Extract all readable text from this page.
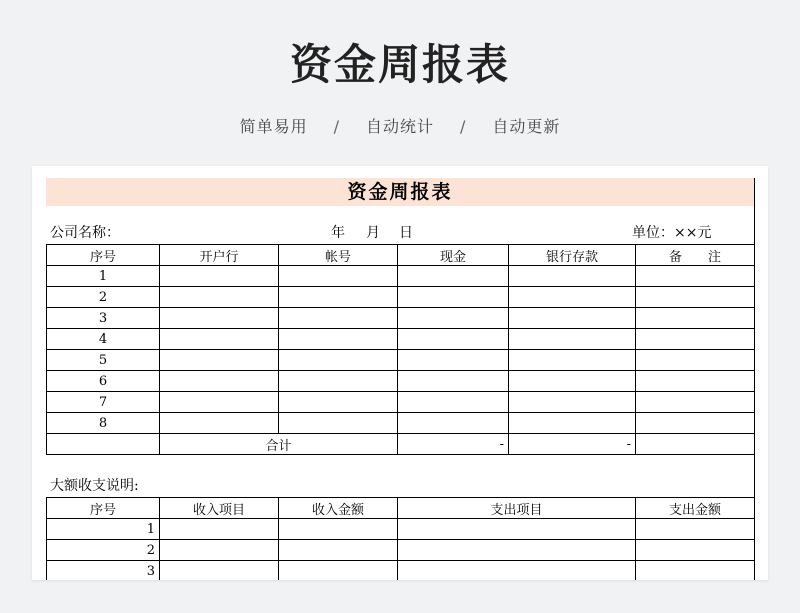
资金周报表
简单易用 / 自动统计 / 自动更新
资金周报表
公司名称：	年 月 日	单位：××元
序号	开户行	帐号	现金	银行存款	备　　注
1					
2					
3					
4					
5					
6					
7					
8					
	合计		-	-	
大额收支说明:
序号	收入项目	收入金额	支出项目	支出金额
1				
2				
3				
